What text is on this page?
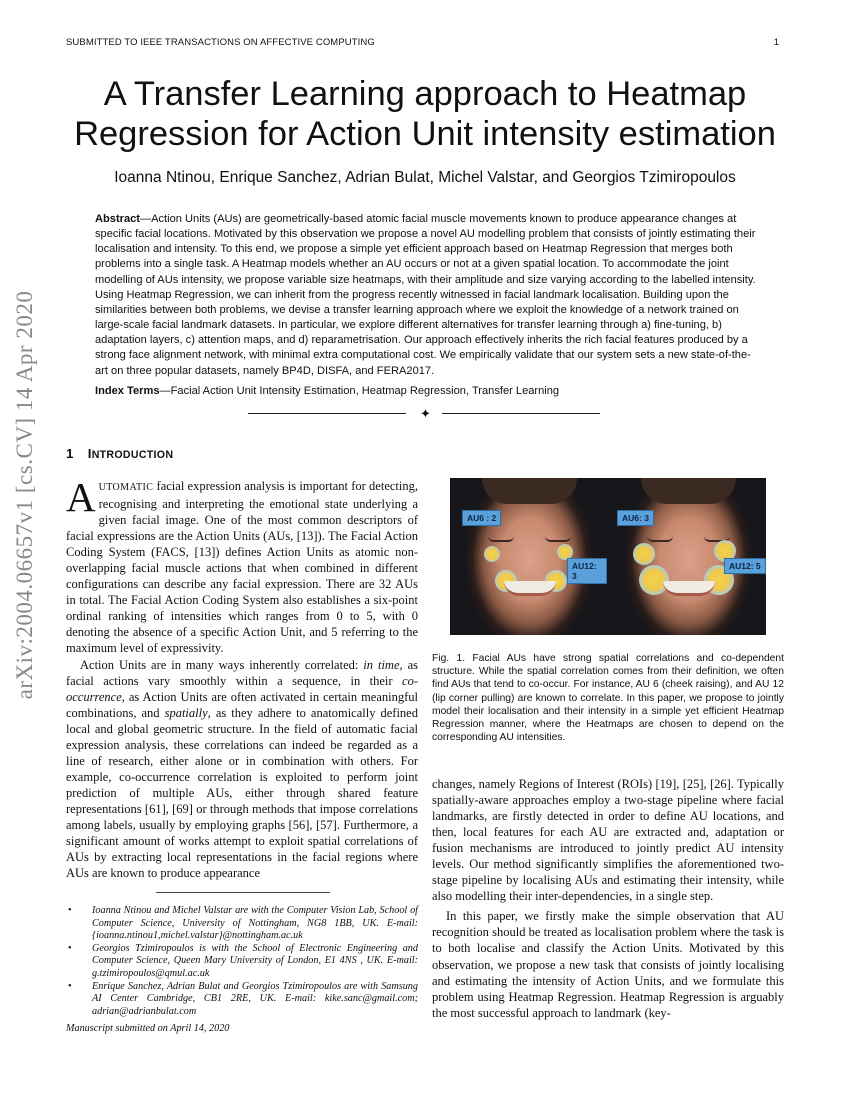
SUBMITTED TO IEEE TRANSACTIONS ON AFFECTIVE COMPUTING	1
A Transfer Learning approach to Heatmap
Regression for Action Unit intensity estimation
Ioanna Ntinou, Enrique Sanchez, Adrian Bulat, Michel Valstar, and Georgios Tzimiropoulos
Abstract—Action Units (AUs) are geometrically-based atomic facial muscle movements known to produce appearance changes at specific facial locations. Motivated by this observation we propose a novel AU modelling problem that consists of jointly estimating their localisation and intensity. To this end, we propose a simple yet efficient approach based on Heatmap Regression that merges both problems into a single task. A Heatmap models whether an AU occurs or not at a given spatial location. To accommodate the joint modelling of AUs intensity, we propose variable size heatmaps, with their amplitude and size varying according to the labelled intensity. Using Heatmap Regression, we can inherit from the progress recently witnessed in facial landmark localisation. Building upon the similarities between both problems, we devise a transfer learning approach where we exploit the knowledge of a network trained on large-scale facial landmark datasets. In particular, we explore different alternatives for transfer learning through a) fine-tuning, b) adaptation layers, c) attention maps, and d) reparametrisation. Our approach effectively inherits the rich facial features produced by a strong face alignment network, with minimal extra computational cost. We empirically validate that our system sets a new state-of-the-art on three popular datasets, namely BP4D, DISFA, and FERA2017.
Index Terms—Facial Action Unit Intensity Estimation, Heatmap Regression, Transfer Learning
✦
arXiv:2004.06657v1 [cs.CV] 14 Apr 2020 1 INTRODUCTION

AUTOMATIC facial expression analysis is important for detecting, recognising and interpreting the emotional state underlying a given facial image. One of the most common descriptors of facial expressions are the Action Units (AUs, [13]). The Facial Action Coding System (FACS, [13]) defines Action Units as atomic non-overlapping facial muscle actions that when combined in different configurations can describe any facial expression. There are 32 AUs in total. The Facial Action Coding System also establishes a six-point ordinal ranking of intensities which ranges from 0 to 5, with 0 denoting the absence of a specific Action Unit, and 5 referring to the maximum level of expressivity.

Action Units are in many ways inherently correlated: in time, as facial actions vary smoothly within a sequence, in their co-occurrence, as Action Units are often activated in certain meaningful combinations, and spatially, as they adhere to anatomically defined local and global geometric structure. In the field of automatic facial expression analysis, these correlations can indeed be regarded as a line of research, either alone or in combination with others. For example, co-occurrence correlation is exploited to perform joint prediction of multiple AUs, either through shared feature representations [61], [69] or through methods that impose correlations among labels, usually by employing graphs [56], [57]. Furthermore, a significant amount of works attempt to exploit spatial correlations of AUs by extracting local representations in the facial regions where AUs are known to produce appearance

• Ioanna Ntinou and Michel Valstar are with the Computer Vision Lab, School of Computer Science, University of Nottingham, NG8 1BB, UK. E-mail: {ioanna.ntinou1,michel.valstar}@nottingham.ac.uk
• Georgios Tzimiropoulos is with the School of Electronic Engineering and Computer Science, Queen Mary University of London, E1 4NS , UK. E-mail: g.tzimiropoulos@qmul.ac.uk
• Enrique Sanchez, Adrian Bulat and Georgios Tzimiropoulos are with Samsung AI Center Cambridge, CB1 2RE, UK. E-mail: kike.sanc@gmail.com; adrian@adrianbulat.com
Manuscript submitted on April 14, 2020
AU6 : 2
AU12: 3
AU6: 3
AU12: 5
Fig. 1. Facial AUs have strong spatial correlations and co-dependent structure. While the spatial correlation comes from their definition, we often find AUs that tend to co-occur. For instance, AU 6 (cheek raising), and AU 12 (lip corner pulling) are known to correlate. In this paper, we propose to jointly model their localisation and their intensity in a simple yet efficient Heatmap Regression manner, where the Heatmaps are chosen to depend on the corresponding AU intensities.

changes, namely Regions of Interest (ROIs) [19], [25], [26]. Typically spatially-aware approaches employ a two-stage pipeline where facial landmarks, are firstly detected in order to define AU locations, and then, local features for each AU are extracted and, adaptation or fusion mechanisms are introduced to jointly predict AU intensity levels. Our method significantly simplifies the aforementioned two-stage pipeline by localising AUs and estimating their intensity, while also modelling their inter-dependencies, in a single step.

In this paper, we firstly make the simple observation that AU recognition should be treated as localisation problem where the task is to both localise and classify the Action Units. Motivated by this observation, we propose a new task that consists of jointly localising and estimating the intensity of Action Units, and we formulate this problem using Heatmap Regression. Heatmap Regression is arguably the most successful approach to landmark (key-
